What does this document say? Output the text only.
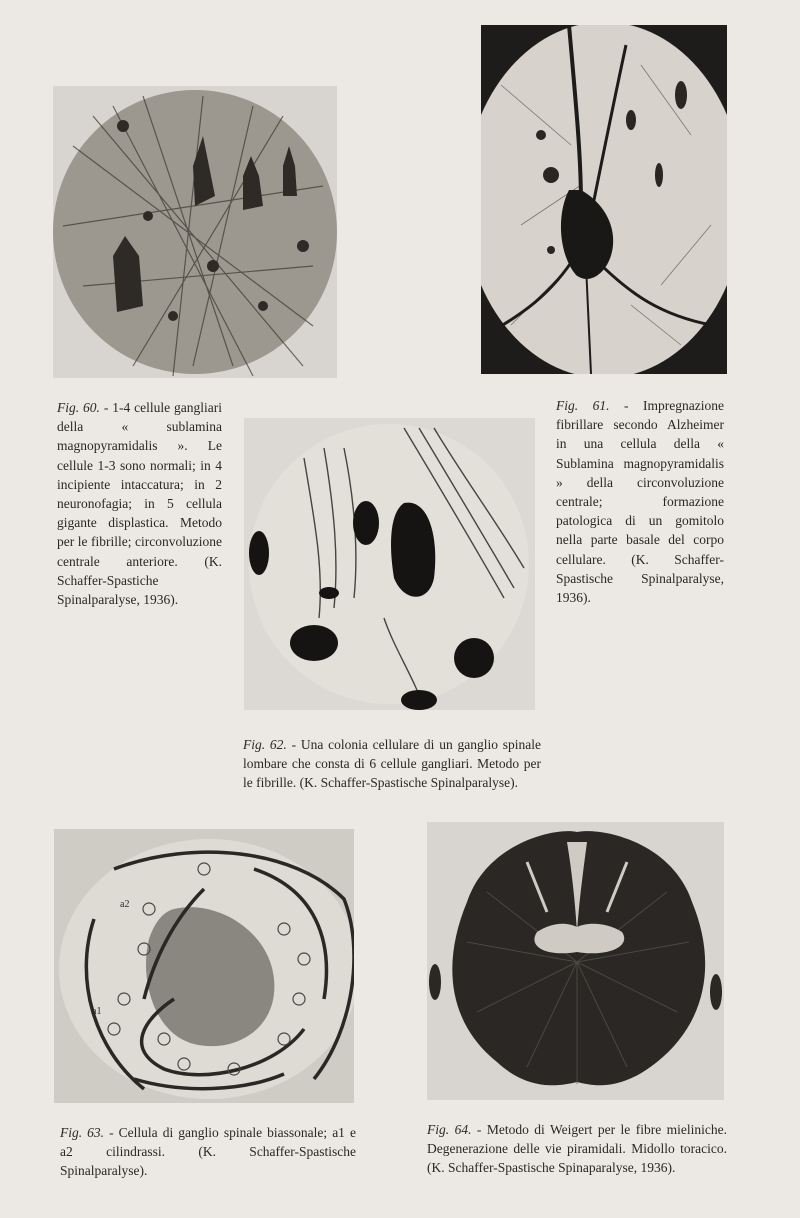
a2
a1
Fig. 60. - 1-4 cellule gangliari della « sublamina magnopyramidalis ». Le cellule 1-3 sono normali; in 4 incipiente intaccatura; in 2 neuronofagia; in 5 cellula gigante displastica. Metodo per le fibrille; circonvoluzione centrale anteriore. (K. Schaffer-Spastiche Spinalparalyse, 1936).
Fig. 61. - Impregnazione fibrillare secondo Alzheimer in una cellula della « Sublamina magnopyramidalis » della circonvoluzione centrale; formazione patologica di un gomitolo nella parte basale del corpo cellulare. (K. Schaffer-Spastische Spinalparalyse, 1936).
Fig. 62. - Una colonia cellulare di un ganglio spinale lombare che consta di 6 cellule gangliari. Metodo per le fibrille. (K. Schaffer-Spastische Spinalparalyse).
Fig. 63. - Cellula di ganglio spinale biassonale; a1 e a2 cilindrassi. (K. Schaffer-Spastische Spinalparalyse).
Fig. 64. - Metodo di Weigert per le fibre mieliniche. Degenerazione delle vie piramidali. Midollo toracico. (K. Schaffer-Spastische Spinaparalyse, 1936).
